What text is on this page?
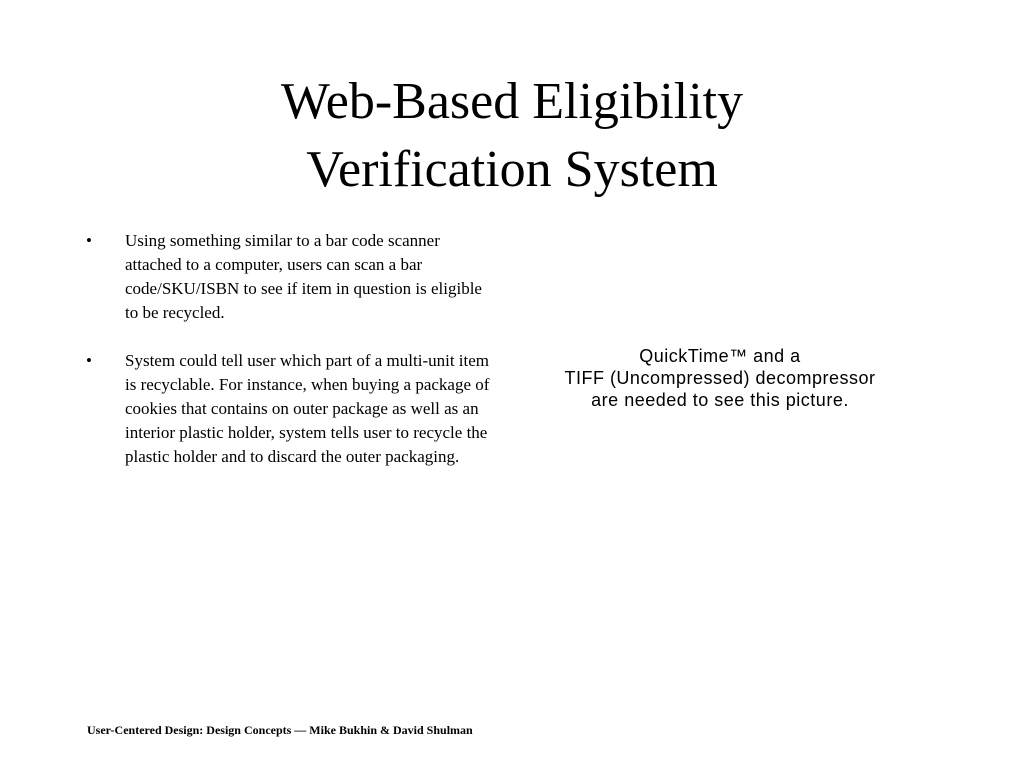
Web-Based Eligibility
Verification System
• Using something similar to a bar code scanner attached to a computer, users can scan a bar code/SKU/ISBN to see if item in question is eligible to be recycled.
• System could tell user which part of a multi-unit item is recyclable. For instance, when buying a package of cookies that contains on outer package as well as an interior plastic holder, system tells user to recycle the plastic holder and to discard the outer packaging.
QuickTime™ and a
TIFF (Uncompressed) decompressor
are needed to see this picture.
User-Centered Design: Design Concepts — Mike Bukhin & David Shulman
